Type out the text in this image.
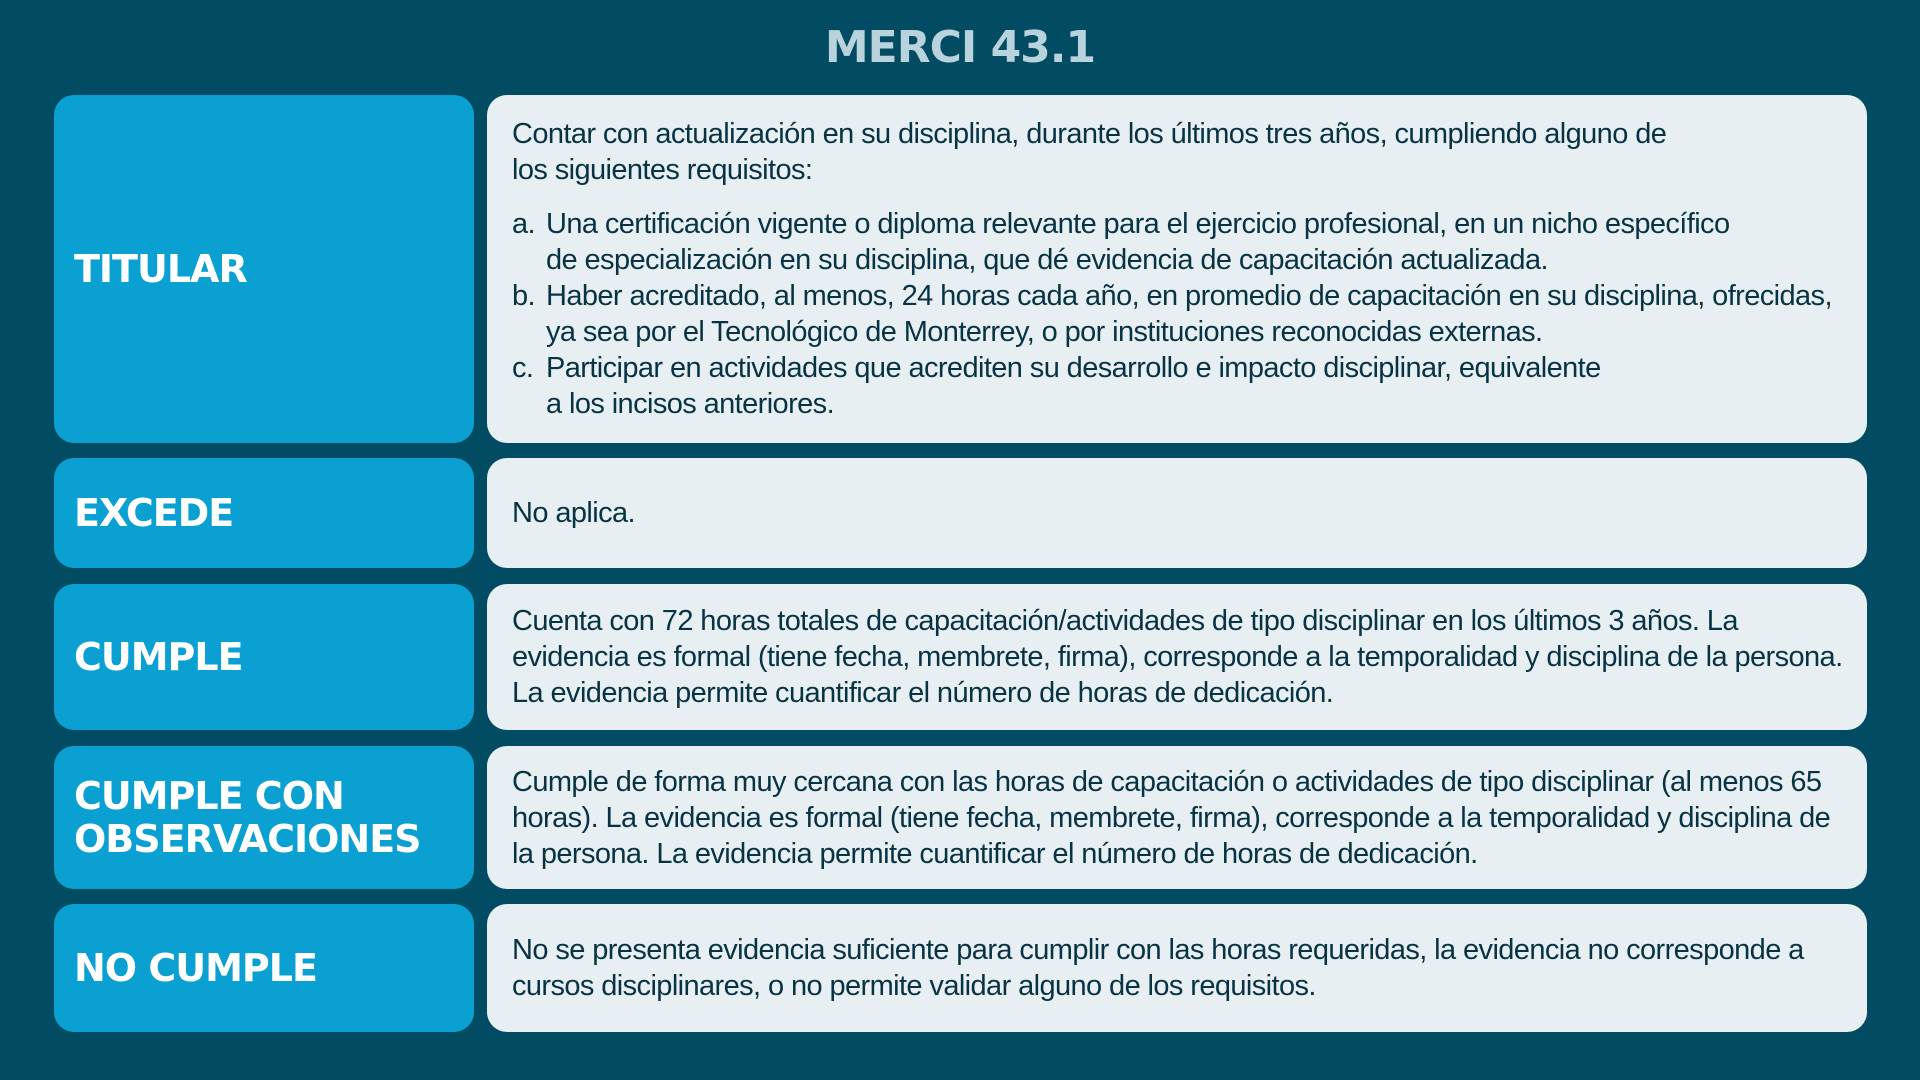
MERCI 43.1
TITULAR

Contar con actualización en su disciplina, durante los últimos tres años, cumpliendo alguno de los siguientes requisitos:

a. Una certificación vigente o diploma relevante para el ejercicio profesional, en un nicho específico de especialización en su disciplina, que dé evidencia de capacitación actualizada.
b. Haber acreditado, al menos, 24 horas cada año, en promedio de capacitación en su disciplina, ofrecidas, ya sea por el Tecnológico de Monterrey, o por instituciones reconocidas externas.
c. Participar en actividades que acrediten su desarrollo e impacto disciplinar, equivalente a los incisos anteriores.
EXCEDE	No aplica.

CUMPLE

Cuenta con 72 horas totales de capacitación/actividades de tipo disciplinar en los últimos 3 años. La evidencia es formal (tiene fecha, membrete, firma), corresponde a la temporalidad y disciplina de la persona. La evidencia permite cuantificar el número de horas de dedicación.

CUMPLE CON OBSERVACIONES

Cumple de forma muy cercana con las horas de capacitación o actividades de tipo disciplinar (al menos 65 horas). La evidencia es formal (tiene fecha, membrete, firma), corresponde a la temporalidad y disciplina de la persona. La evidencia permite cuantificar el número de horas de dedicación.

NO CUMPLE	No se presenta evidencia suficiente para cumplir con las horas requeridas, la evidencia no corresponde a cursos disciplinares, o no permite validar alguno de los requisitos.
